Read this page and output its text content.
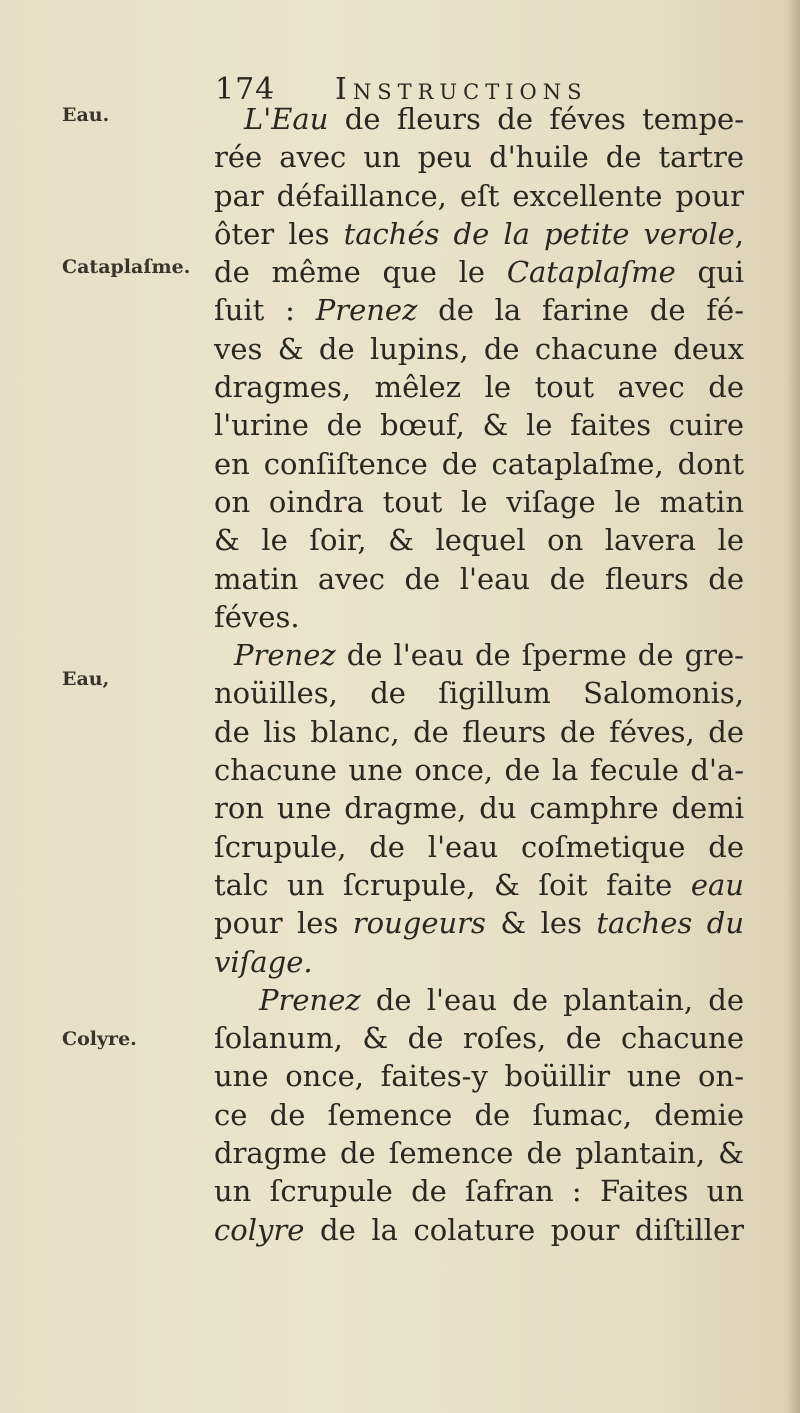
174 Instructions
Eau.
Cataplaſme.
Eau,
Colyre.
L'Eau de fleurs de féves tempe-
rée avec un peu d'huile de tartre
par défaillance, eſt excellente pour
ôter les tachés de la petite verole,
de même que le Cataplaſme qui
ſuit : Prenez de la farine de fé-
ves & de lupins, de chacune deux
dragmes, mêlez le tout avec de
l'urine de bœuf, & le faites cuire
en conſiſtence de cataplaſme, dont
on oindra tout le viſage le matin
& le ſoir, & lequel on lavera le
matin avec de l'eau de fleurs de
féves.
Prenez de l'eau de ſperme de gre-
noüilles, de ſigillum Salomonis,
de lis blanc, de fleurs de féves, de
chacune une once, de la fecule d'a-
ron une dragme, du camphre demi
ſcrupule, de l'eau coſmetique de
talc un ſcrupule, & ſoit faite eau
pour les rougeurs & les taches du
viſage.
Prenez de l'eau de plantain, de
ſolanum, & de roſes, de chacune
une once, faites-y boüillir une on-
ce de ſemence de ſumac, demie
dragme de ſemence de plantain, &
un ſcrupule de ſafran : Faites un
colyre de la colature pour diſtiller
